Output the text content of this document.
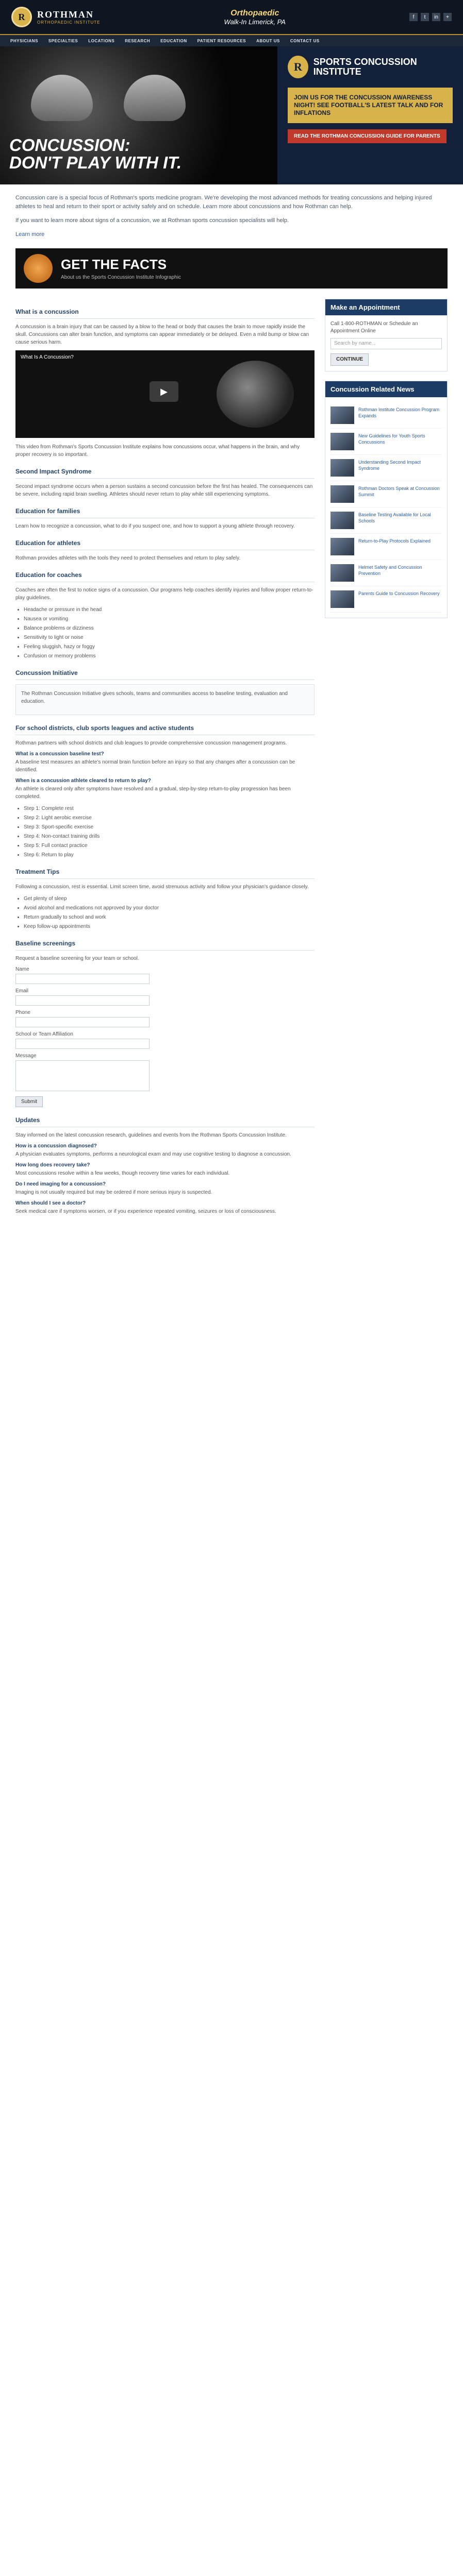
R	ROTHMAN
ORTHOPAEDIC INSTITUTE
Orthopaedic
Walk-In Limerick, PA
f	t	in	+
PHYSICIANS	SPECIALTIES	LOCATIONS	RESEARCH	EDUCATION	PATIENT RESOURCES	ABOUT US	CONTACT US
CONCUSSION:
DON'T PLAY WITH IT.
R	SPORTS CONCUSSION INSTITUTE
JOIN US FOR THE CONCUSSION AWARENESS NIGHT! SEE FOOTBALL'S LATEST TALK AND FOR INFLATIONS
READ THE ROTHMAN CONCUSSION GUIDE FOR PARENTS

Concussion care is a special focus of Rothman's sports medicine program. We're developing the most advanced methods for treating concussions and helping injured athletes to heal and return to their sport or activity safely and on schedule. Learn more about concussions and how Rothman can help.

If you want to learn more about signs of a concussion, we at Rothman sports concussion specialists will help.

Learn more
GET THE FACTS
About us the Sports Concussion Institute Infographic
What is a concussion
A concussion is a brain injury that can be caused by a blow to the head or body that causes the brain to move rapidly inside the skull. Concussions can alter brain function, and symptoms can appear immediately or be delayed. Even a mild bump or blow can cause serious harm.
What Is A Concussion?
▶
This video from Rothman's Sports Concussion Institute explains how concussions occur, what happens in the brain, and why proper recovery is so important.
Second Impact Syndrome
Second impact syndrome occurs when a person sustains a second concussion before the first has healed. The consequences can be severe, including rapid brain swelling. Athletes should never return to play while still experiencing symptoms.
Education for families
Learn how to recognize a concussion, what to do if you suspect one, and how to support a young athlete through recovery.
Education for athletes
Rothman provides athletes with the tools they need to protect themselves and return to play safely.
Education for coaches
Coaches are often the first to notice signs of a concussion. Our programs help coaches identify injuries and follow proper return-to-play guidelines.
• Headache or pressure in the head
• Nausea or vomiting
• Balance problems or dizziness
• Sensitivity to light or noise
• Feeling sluggish, hazy or foggy
• Confusion or memory problems
Concussion Initiative
The Rothman Concussion Initiative gives schools, teams and communities access to baseline testing, evaluation and education.
For school districts, club sports leagues and active students
Rothman partners with school districts and club leagues to provide comprehensive concussion management programs.
What is a concussion baseline test?
A baseline test measures an athlete's normal brain function before an injury so that any changes after a concussion can be identified.
When is a concussion athlete cleared to return to play?
An athlete is cleared only after symptoms have resolved and a gradual, step-by-step return-to-play progression has been completed.
• Step 1: Complete rest
• Step 2: Light aerobic exercise
• Step 3: Sport-specific exercise
• Step 4: Non-contact training drills
• Step 5: Full contact practice
• Step 6: Return to play
Treatment Tips
Following a concussion, rest is essential. Limit screen time, avoid strenuous activity and follow your physician's guidance closely.
• Get plenty of sleep
• Avoid alcohol and medications not approved by your doctor
• Return gradually to school and work
• Keep follow-up appointments
Baseline screenings
Request a baseline screening for your team or school.
Name
Email
Phone
School or Team Affiliation
Message
Submit
Updates
Stay informed on the latest concussion research, guidelines and events from the Rothman Sports Concussion Institute.
How is a concussion diagnosed?
A physician evaluates symptoms, performs a neurological exam and may use cognitive testing to diagnose a concussion.
How long does recovery take?
Most concussions resolve within a few weeks, though recovery time varies for each individual.
Do I need imaging for a concussion?
Imaging is not usually required but may be ordered if more serious injury is suspected.
When should I see a doctor?
Seek medical care if symptoms worsen, or if you experience repeated vomiting, seizures or loss of consciousness.
Make an Appointment
Call 1-800-ROTHMAN or Schedule an Appointment Online
Search by name...
CONTINUE
Concussion Related News
Rothman Institute Concussion Program Expands
New Guidelines for Youth Sports Concussions
Understanding Second Impact Syndrome
Rothman Doctors Speak at Concussion Summit
Baseline Testing Available for Local Schools
Return-to-Play Protocols Explained
Helmet Safety and Concussion Prevention
Parents Guide to Concussion Recovery
